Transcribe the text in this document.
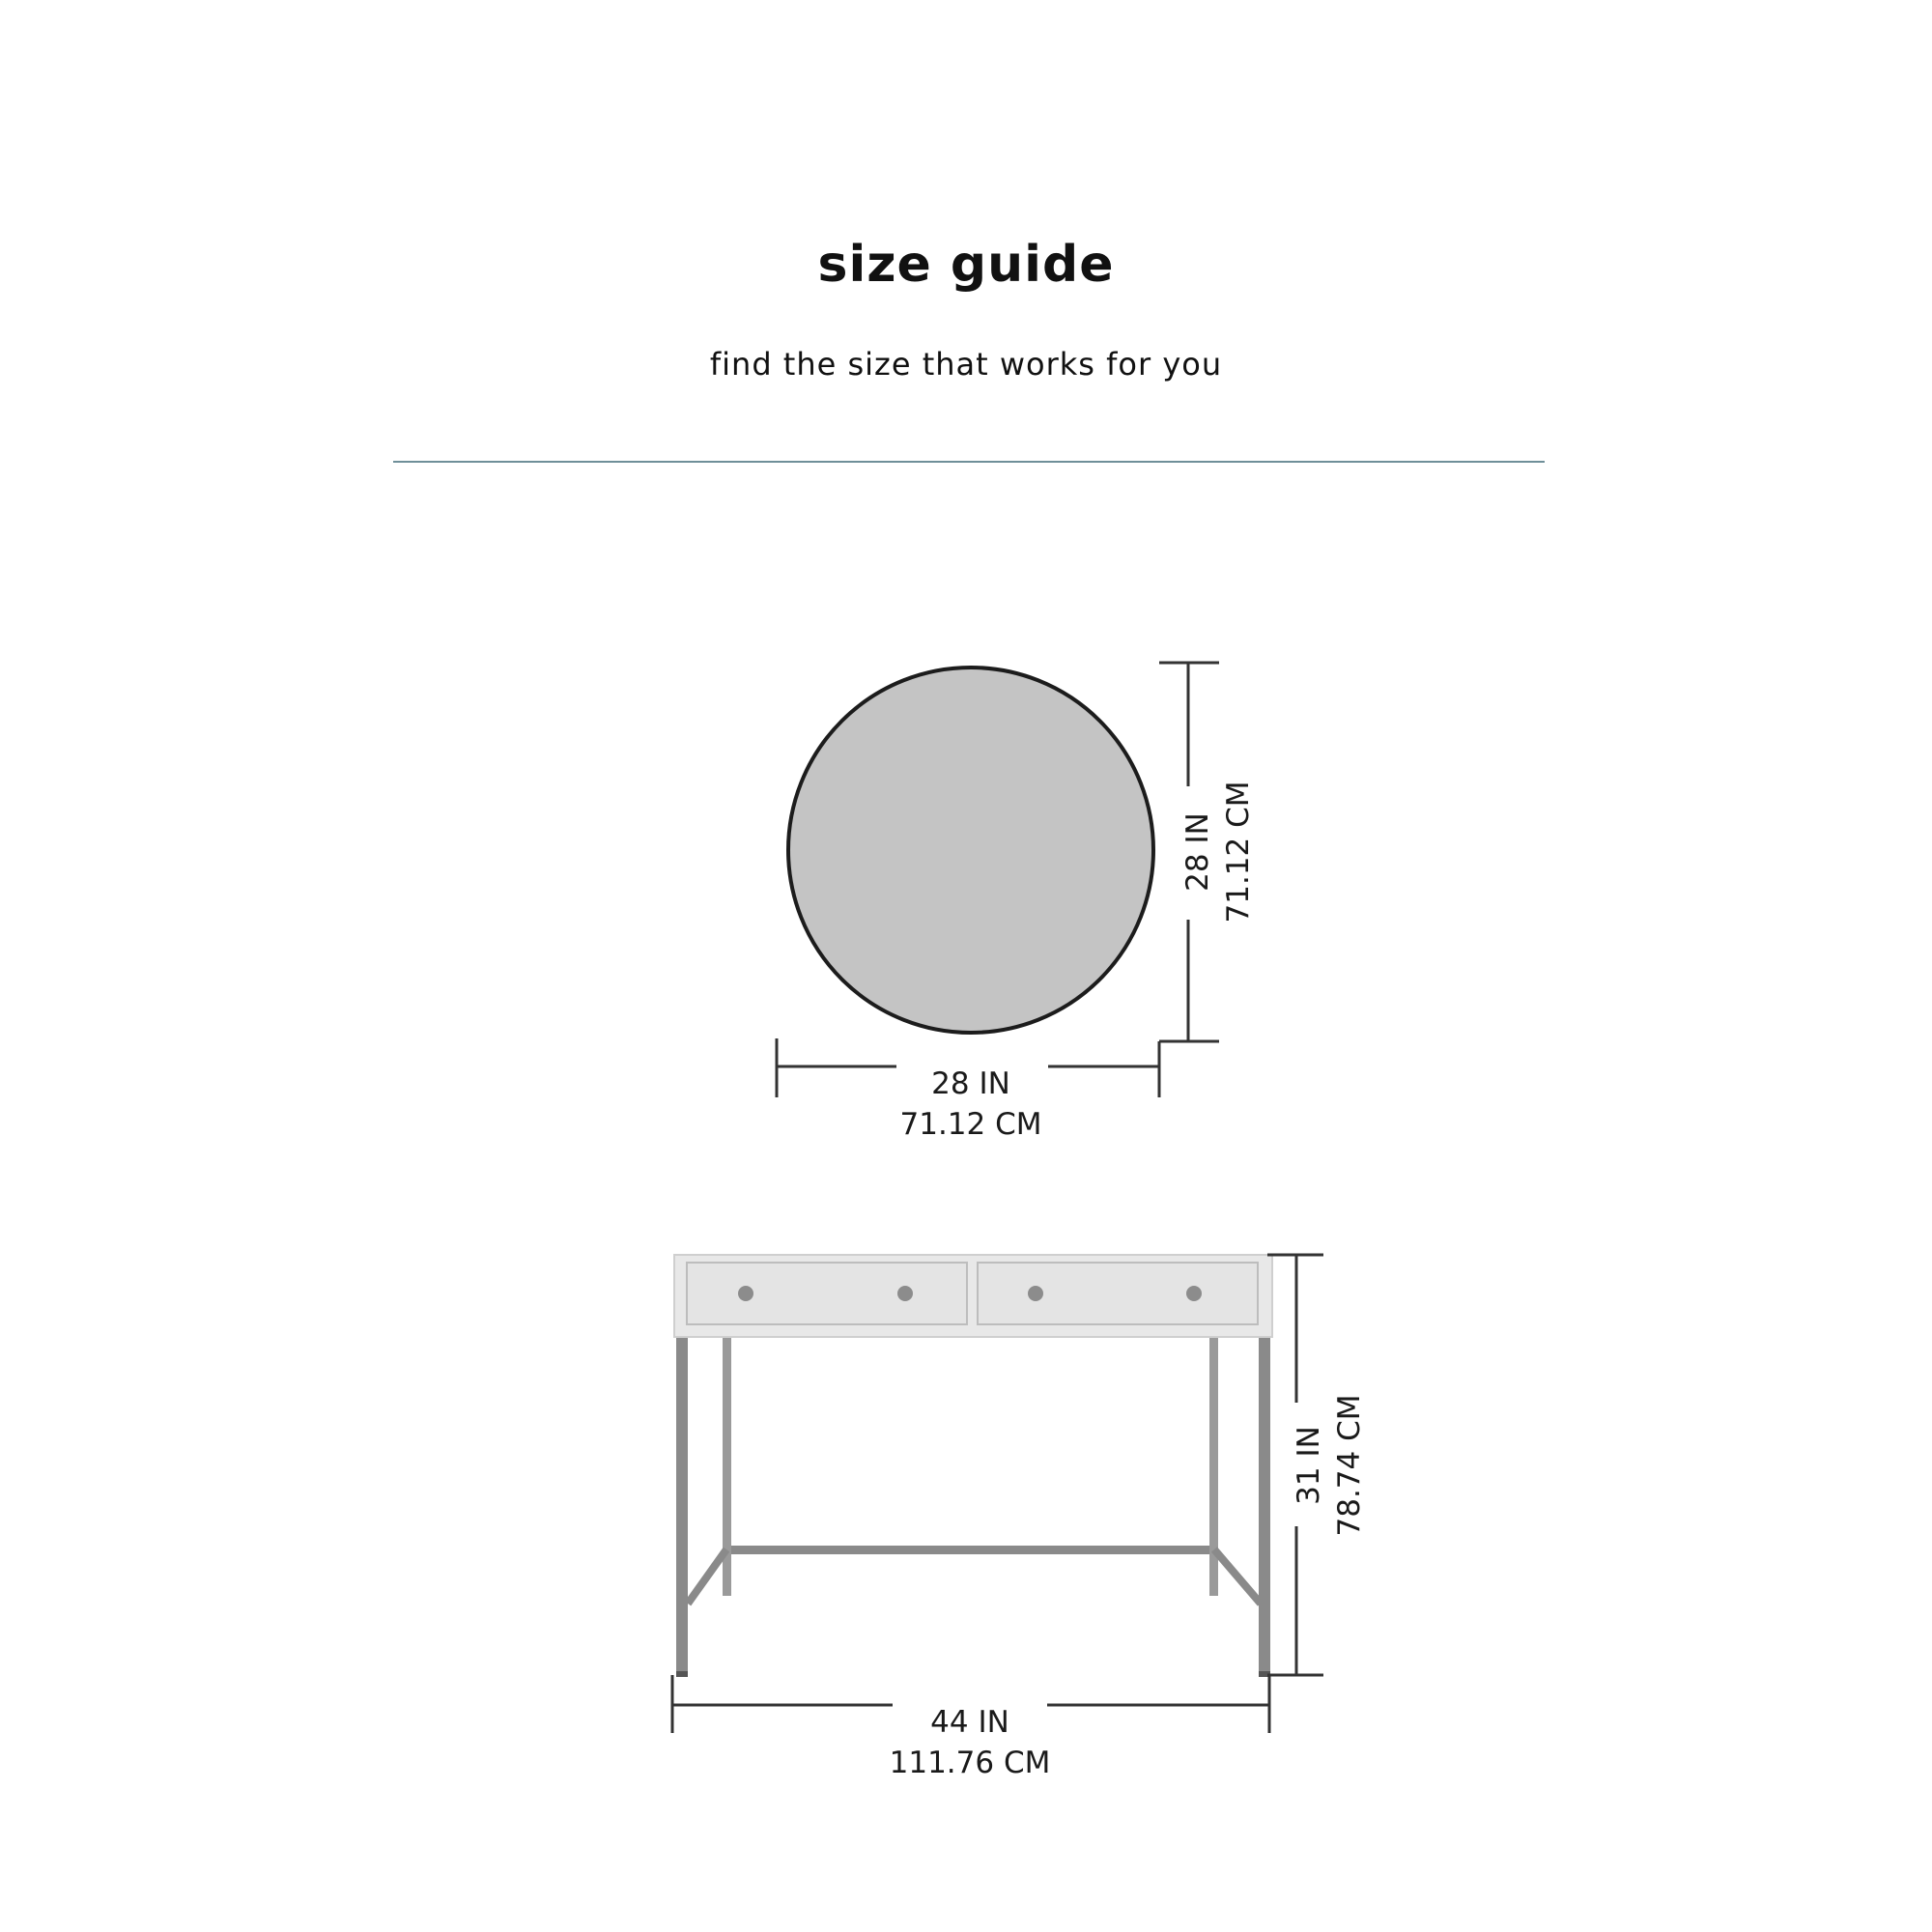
size guide

find the size that works for you

28 IN 71.12 CM
28 IN
71.12 CM
31 IN 78.74 CM
44 IN
111.76 CM
